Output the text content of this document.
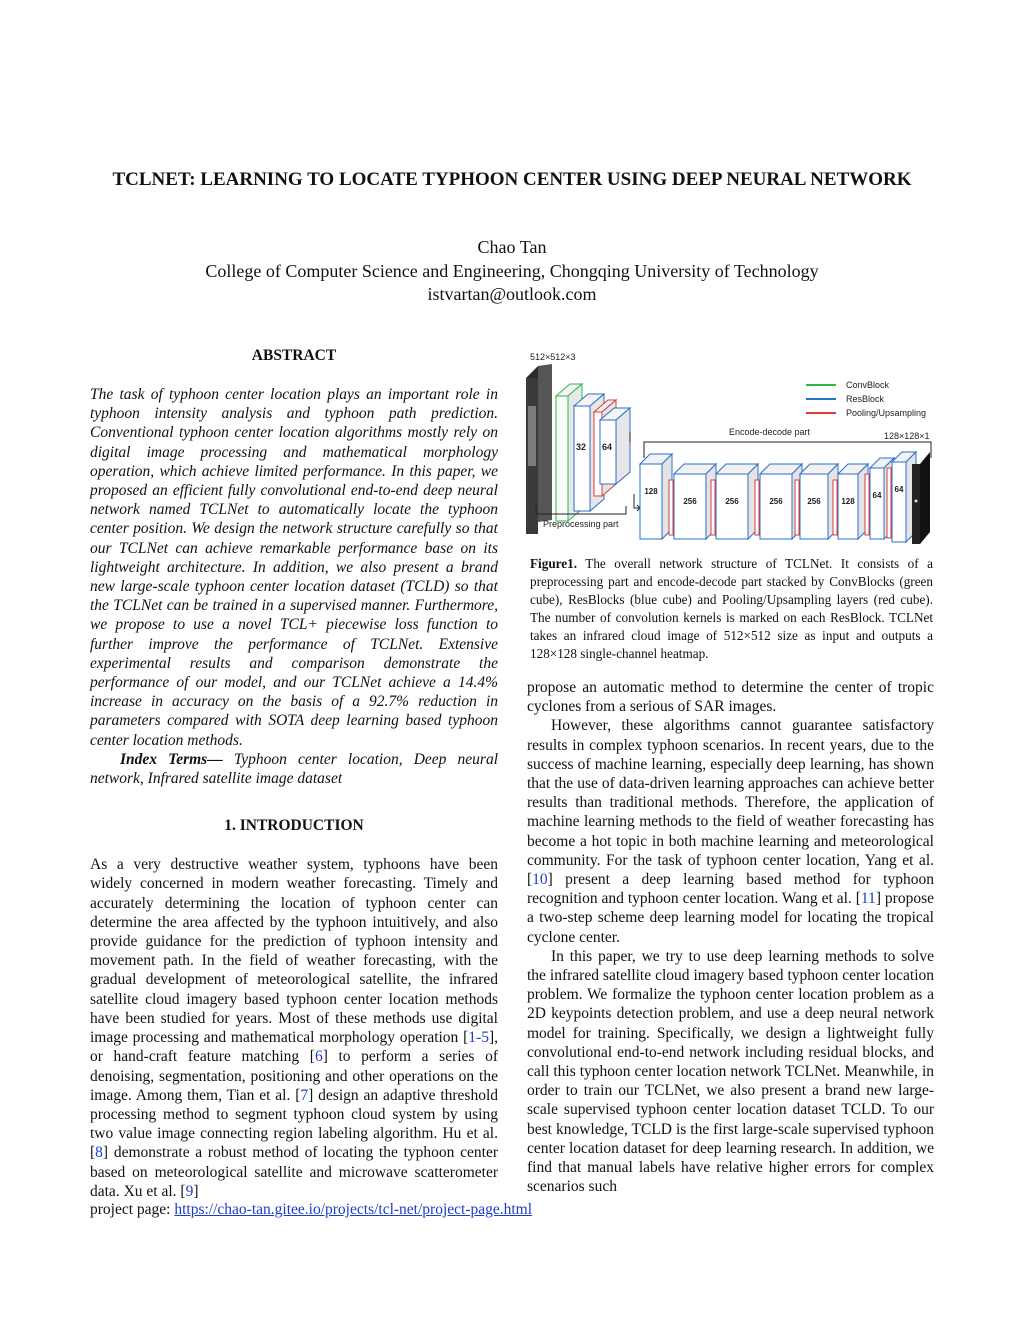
TCLNET: LEARNING TO LOCATE TYPHOON CENTER USING DEEP NEURAL NETWORK
Chao Tan
College of Computer Science and Engineering, Chongqing University of Technology
istvartan@outlook.com
ABSTRACT
The task of typhoon center location plays an important role in typhoon intensity analysis and typhoon path prediction. Conventional typhoon center location algorithms mostly rely on digital image processing and mathematical morphology operation, which achieve limited performance. In this paper, we proposed an efficient fully convolutional end-to-end deep neural network named TCLNet to automatically locate the typhoon center position. We design the network structure carefully so that our TCLNet can achieve remarkable performance base on its lightweight architecture. In addition, we also present a brand new large-scale typhoon center location dataset (TCLD) so that the TCLNet can be trained in a supervised manner. Furthermore, we propose to use a novel TCL+ piecewise loss function to further improve the performance of TCLNet. Extensive experimental results and comparison demonstrate the performance of our model, and our TCLNet achieve a 14.4% increase in accuracy on the basis of a 92.7% reduction in parameters compared with SOTA deep learning based typhoon center location methods.
Index Terms— Typhoon center location, Deep neural network, Infrared satellite image dataset
1. INTRODUCTION
As a very destructive weather system, typhoons have been widely concerned in modern weather forecasting. Timely and accurately determining the location of typhoon center can determine the area affected by the typhoon intuitively, and also provide guidance for the prediction of typhoon intensity and movement path. In the field of weather forecasting, with the gradual development of meteorological satellite, the infrared satellite cloud imagery based typhoon center location methods have been studied for years. Most of these methods use digital image processing and mathematical morphology operation [1-5], or hand-craft feature matching [6] to perform a series of denoising, segmentation, positioning and other operations on the image. Among them, Tian et al. [7] design an adaptive threshold processing method to segment typhoon cloud system by using two value image connecting region labeling algorithm. Hu et al. [8] demonstrate a robust method of locating the typhoon center based on meteorological satellite and microwave scatterometer data. Xu et al. [9]
512×512×3
32 64
Preprocessing part
Encode-decode part	128×128×1
ConvBlock
ResBlock
Pooling/Upsampling
128
256	256	256	256	128
64
64
Figure1. The overall network structure of TCLNet. It consists of a preprocessing part and encode-decode part stacked by ConvBlocks (green cube), ResBlocks (blue cube) and Pooling/Upsampling layers (red cube). The number of convolution kernels is marked on each ResBlock. TCLNet takes an infrared cloud image of 512×512 size as input and outputs a 128×128 single-channel heatmap.
propose an automatic method to determine the center of tropic cyclones from a serious of SAR images.
However, these algorithms cannot guarantee satisfactory results in complex typhoon scenarios. In recent years, due to the success of machine learning, especially deep learning, has shown that the use of data-driven learning approaches can achieve better results than traditional methods. Therefore, the application of machine learning methods to the field of weather forecasting has become a hot topic in both machine learning and meteorological community. For the task of typhoon center location, Yang et al. [10] present a deep learning based method for typhoon recognition and typhoon center location. Wang et al. [11] propose a two-step scheme deep learning model for locating the tropical cyclone center.
In this paper, we try to use deep learning methods to solve the infrared satellite cloud imagery based typhoon center location problem. We formalize the typhoon center location problem as a 2D keypoints detection problem, and use a deep neural network model for training. Specifically, we design a lightweight fully convolutional end-to-end network including residual blocks, and call this typhoon center location network TCLNet. Meanwhile, in order to train our TCLNet, we also present a brand new large-scale supervised typhoon center location dataset TCLD. To our best knowledge, TCLD is the first large-scale supervised typhoon center location dataset for deep learning research. In addition, we find that manual labels have relative higher errors for complex scenarios such
project page: https://chao-tan.gitee.io/projects/tcl-net/project-page.html
